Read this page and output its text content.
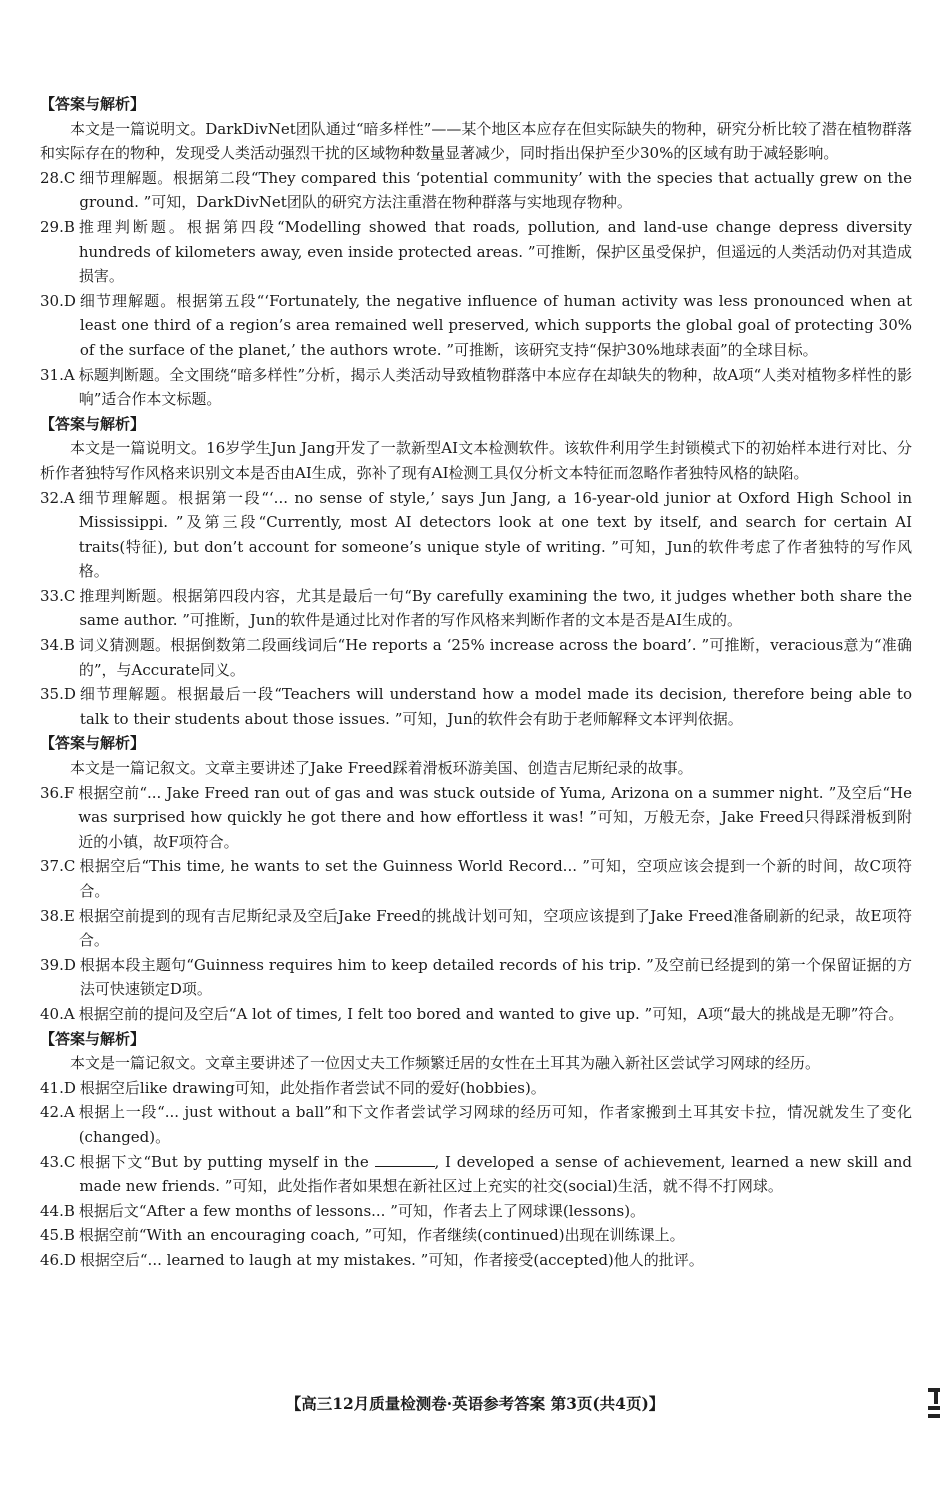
【答案与解析】
本文是一篇说明文。DarkDivNet团队通过“暗多样性”——某个地区本应存在但实际缺失的物种，研究分析比较了潜在植物群落和实际存在的物种，发现受人类活动强烈干扰的区域物种数量显著减少，同时指出保护至少30%的区域有助于减轻影响。
28.C 细节理解题。根据第二段“They compared this ‘potential community’ with the species that actually grew on the ground. ”可知，DarkDivNet团队的研究方法注重潜在物种群落与实地现存物种。
29.B 推理判断题。根据第四段“Modelling showed that roads, pollution, and land-use change depress diversity hundreds of kilometers away, even inside protected areas. ”可推断，保护区虽受保护，但遥远的人类活动仍对其造成损害。
30.D 细节理解题。根据第五段“‘Fortunately, the negative influence of human activity was less pronounced when at least one third of a region’s area remained well preserved, which supports the global goal of protecting 30% of the surface of the planet,’ the authors wrote. ”可推断，该研究支持“保护30%地球表面”的全球目标。
31.A 标题判断题。全文围绕“暗多样性”分析，揭示人类活动导致植物群落中本应存在却缺失的物种，故A项“人类对植物多样性的影响”适合作本文标题。
【答案与解析】
本文是一篇说明文。16岁学生Jun Jang开发了一款新型AI文本检测软件。该软件利用学生封锁模式下的初始样本进行对比、分析作者独特写作风格来识别文本是否由AI生成，弥补了现有AI检测工具仅分析文本特征而忽略作者独特风格的缺陷。
32.A 细节理解题。根据第一段“‘... no sense of style,’ says Jun Jang, a 16-year-old junior at Oxford High School in Mississippi. ”及第三段“Currently, most AI detectors look at one text by itself, and search for certain AI traits(特征), but don’t account for someone’s unique style of writing. ”可知，Jun的软件考虑了作者独特的写作风格。
33.C 推理判断题。根据第四段内容，尤其是最后一句“By carefully examining the two, it judges whether both share the same author. ”可推断，Jun的软件是通过比对作者的写作风格来判断作者的文本是否是AI生成的。
34.B 词义猜测题。根据倒数第二段画线词后“He reports a ‘25% increase across the board’. ”可推断，veracious意为“准确的”，与Accurate同义。
35.D 细节理解题。根据最后一段“Teachers will understand how a model made its decision, therefore being able to talk to their students about those issues. ”可知，Jun的软件会有助于老师解释文本评判依据。
【答案与解析】
本文是一篇记叙文。文章主要讲述了Jake Freed踩着滑板环游美国、创造吉尼斯纪录的故事。
36.F 根据空前“... Jake Freed ran out of gas and was stuck outside of Yuma, Arizona on a summer night. ”及空后“He was surprised how quickly he got there and how effortless it was! ”可知，万般无奈，Jake Freed只得踩滑板到附近的小镇，故F项符合。
37.C 根据空后“This time, he wants to set the Guinness World Record... ”可知，空项应该会提到一个新的时间，故C项符合。
38.E 根据空前提到的现有吉尼斯纪录及空后Jake Freed的挑战计划可知，空项应该提到了Jake Freed准备刷新的纪录，故E项符合。
39.D 根据本段主题句“Guinness requires him to keep detailed records of his trip. ”及空前已经提到的第一个保留证据的方法可快速锁定D项。
40.A 根据空前的提问及空后“A lot of times, I felt too bored and wanted to give up. ”可知，A项“最大的挑战是无聊”符合。
【答案与解析】
本文是一篇记叙文。文章主要讲述了一位因丈夫工作频繁迁居的女性在土耳其为融入新社区尝试学习网球的经历。
41.D 根据空后like drawing可知，此处指作者尝试不同的爱好(hobbies)。
42.A 根据上一段“... just without a ball”和下文作者尝试学习网球的经历可知，作者家搬到土耳其安卡拉，情况就发生了变化(changed)。
43.C 根据下文“But by putting myself in the	, I developed a sense of achievement, learned a new skill and made new friends. ”可知，此处指作者如果想在新社区过上充实的社交(social)生活，就不得不打网球。
44.B 根据后文“After a few months of lessons... ”可知，作者去上了网球课(lessons)。
45.B 根据空前“With an encouraging coach, ”可知，作者继续(continued)出现在训练课上。
46.D 根据空后“... learned to laugh at my mistakes. ”可知，作者接受(accepted)他人的批评。
【高三12月质量检测卷·英语参考答案 第3页(共4页)】
